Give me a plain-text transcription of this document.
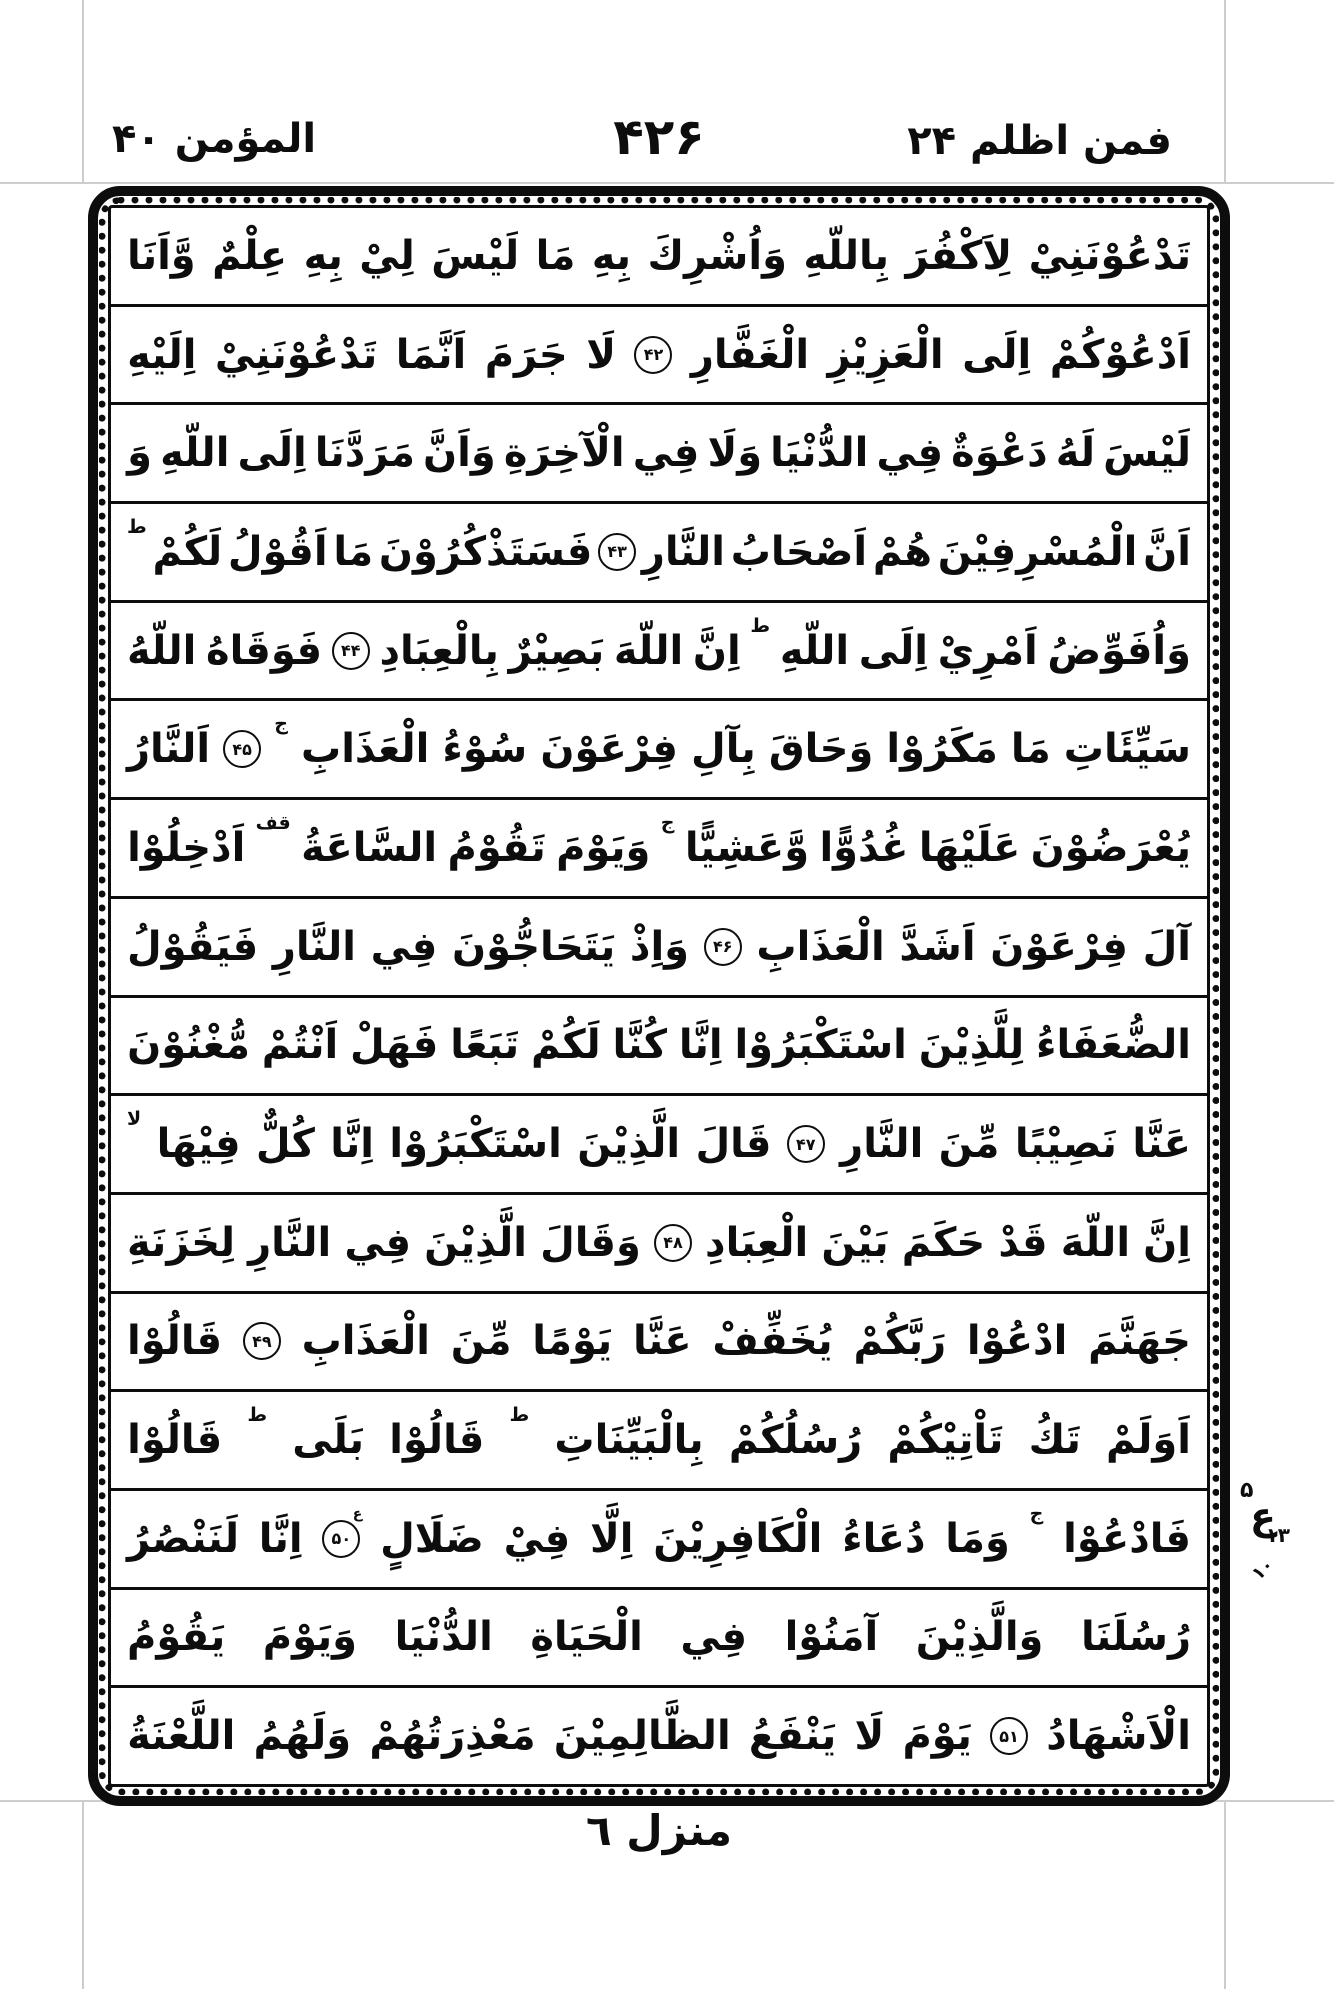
المؤمن ۴۰	۴۲۶	فمن اظلم ۲۴
تَدْعُوْنَنِيْ
لِاَكْفُرَ
بِاللّهِ
وَاُشْرِكَ
بِهِ
مَا
لَيْسَ
لِيْ
بِهِ
عِلْمٌ
وَّاَنَا
اَدْعُوْكُمْ
اِلَى
الْعَزِيْزِ
الْغَفَّارِ
۴۲
لَا
جَرَمَ
اَنَّمَا
تَدْعُوْنَنِيْ
اِلَيْهِ
لَيْسَ
لَهُ
دَعْوَةٌ
فِي
الدُّنْيَا
وَلَا
فِي
الْآخِرَةِ
وَاَنَّ
مَرَدَّنَا
اِلَى
اللّهِ
وَ
اَنَّ
الْمُسْرِفِيْنَ
هُمْ
اَصْحَابُ
النَّارِ
۴۳
فَسَتَذْكُرُوْنَ
مَا
اَقُوْلُ
لَكُمْ
ط
وَاُفَوِّضُ
اَمْرِيْ
اِلَى
اللّهِ
ط
اِنَّ
اللّهَ
بَصِيْرٌ
بِالْعِبَادِ
۴۴
فَوَقَاهُ
اللّهُ
سَيِّئَاتِ
مَا
مَكَرُوْا
وَحَاقَ
بِآلِ
فِرْعَوْنَ
سُوْءُ
الْعَذَابِ
ج
۴۵
اَلنَّارُ
يُعْرَضُوْنَ
عَلَيْهَا
غُدُوًّا
وَّعَشِيًّا
ج
وَيَوْمَ
تَقُوْمُ
السَّاعَةُ
قف
اَدْخِلُوْا
آلَ
فِرْعَوْنَ
اَشَدَّ
الْعَذَابِ
۴۶
وَاِذْ
يَتَحَاجُّوْنَ
فِي
النَّارِ
فَيَقُوْلُ
الضُّعَفَاءُ
لِلَّذِيْنَ
اسْتَكْبَرُوْا
اِنَّا
كُنَّا
لَكُمْ
تَبَعًا
فَهَلْ
اَنْتُمْ
مُّغْنُوْنَ
عَنَّا
نَصِيْبًا
مِّنَ
النَّارِ
۴۷
قَالَ
الَّذِيْنَ
اسْتَكْبَرُوْا
اِنَّا
كُلٌّ
فِيْهَا
لا
اِنَّ
اللّهَ
قَدْ
حَكَمَ
بَيْنَ
الْعِبَادِ
۴۸
وَقَالَ
الَّذِيْنَ
فِي
النَّارِ
لِخَزَنَةِ
جَهَنَّمَ
ادْعُوْا
رَبَّكُمْ
يُخَفِّفْ
عَنَّا
يَوْمًا
مِّنَ
الْعَذَابِ
۴۹
قَالُوْا
اَوَلَمْ
تَكُ
تَاْتِيْكُمْ
رُسُلُكُمْ
بِالْبَيِّنَاتِ
ط
قَالُوْا
بَلَى
ط
قَالُوْا
فَادْعُوْا
ج
وَمَا
دُعَاءُ
الْكَافِرِيْنَ
اِلَّا
فِيْ
ضَلَالٍ
۵۰
ع
اِنَّا
لَنَنْصُرُ
رُسُلَنَا
وَالَّذِيْنَ
آمَنُوْا
فِي
الْحَيَاةِ
الدُّنْيَا
وَيَوْمَ
يَقُوْمُ
الْاَشْهَادُ
۵۱
يَوْمَ
لَا
يَنْفَعُ
الظَّالِمِيْنَ
مَعْذِرَتُهُمْ
وَلَهُمُ
اللَّعْنَةُ
۵
ع
۱۳
۱۰
منزل ٦
